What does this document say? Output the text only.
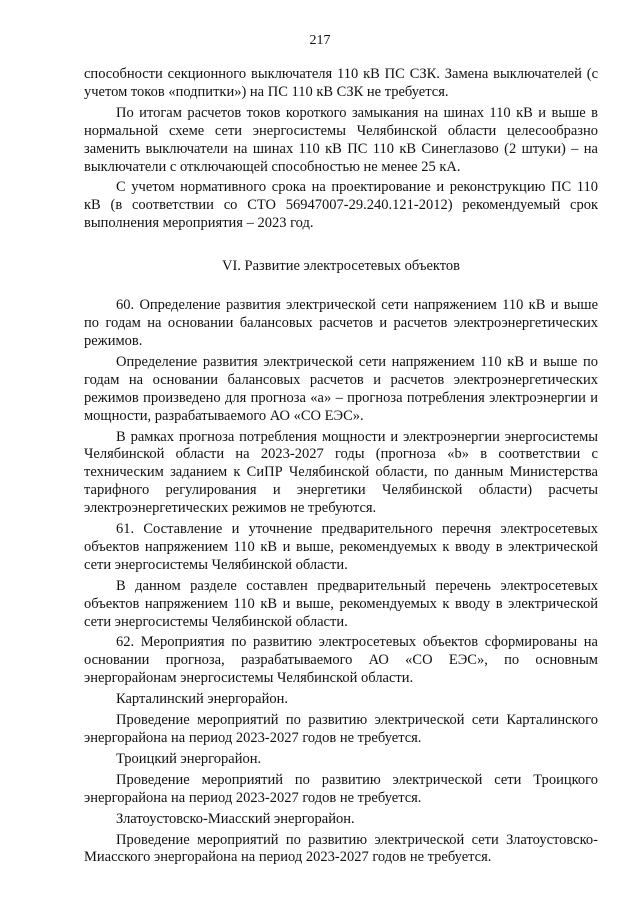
217

способности секционного выключателя 110 кВ ПС СЗК. Замена выключателей (с учетом токов «подпитки») на ПС 110 кВ СЗК не требуется.

По итогам расчетов токов короткого замыкания на шинах 110 кВ и выше в нормальной схеме сети энергосистемы Челябинской области целесообразно заменить выключатели на шинах 110 кВ ПС 110 кВ Синеглазово (2 штуки) – на выключатели с отключающей способностью не менее 25 кА.

С учетом нормативного срока на проектирование и реконструкцию ПС 110 кВ (в соответствии со СТО 56947007-29.240.121-2012) рекомендуемый срок выполнения мероприятия – 2023 год.

VI. Развитие электросетевых объектов

60. Определение развития электрической сети напряжением 110 кВ и выше по годам на основании балансовых расчетов и расчетов электроэнергетических режимов.

Определение развития электрической сети напряжением 110 кВ и выше по годам на основании балансовых расчетов и расчетов электроэнергетических режимов произведено для прогноза «а» – прогноза потребления электроэнергии и мощности, разрабатываемого АО «СО ЕЭС».

В рамках прогноза потребления мощности и электроэнергии энергосистемы Челябинской области на 2023-2027 годы (прогноза «b» в соответствии с техническим заданием к СиПР Челябинской области, по данным Министерства тарифного регулирования и энергетики Челябинской области) расчеты электроэнергетических режимов не требуются.

61. Составление и уточнение предварительного перечня электросетевых объектов напряжением 110 кВ и выше, рекомендуемых к вводу в электрической сети энергосистемы Челябинской области.

В данном разделе составлен предварительный перечень электросетевых объектов напряжением 110 кВ и выше, рекомендуемых к вводу в электрической сети энергосистемы Челябинской области.

62. Мероприятия по развитию электросетевых объектов сформированы на основании прогноза, разрабатываемого АО «СО ЕЭС», по основным энергорайонам энергосистемы Челябинской области.

Карталинский энергорайон.

Проведение мероприятий по развитию электрической сети Карталинского энергорайона на период 2023-2027 годов не требуется.

Троицкий энергорайон.

Проведение мероприятий по развитию электрической сети Троицкого энергорайона на период 2023-2027 годов не требуется.

Златоустовско-Миасский энергорайон.

Проведение мероприятий по развитию электрической сети Златоустовско-Миасского энергорайона на период 2023-2027 годов не требуется.
